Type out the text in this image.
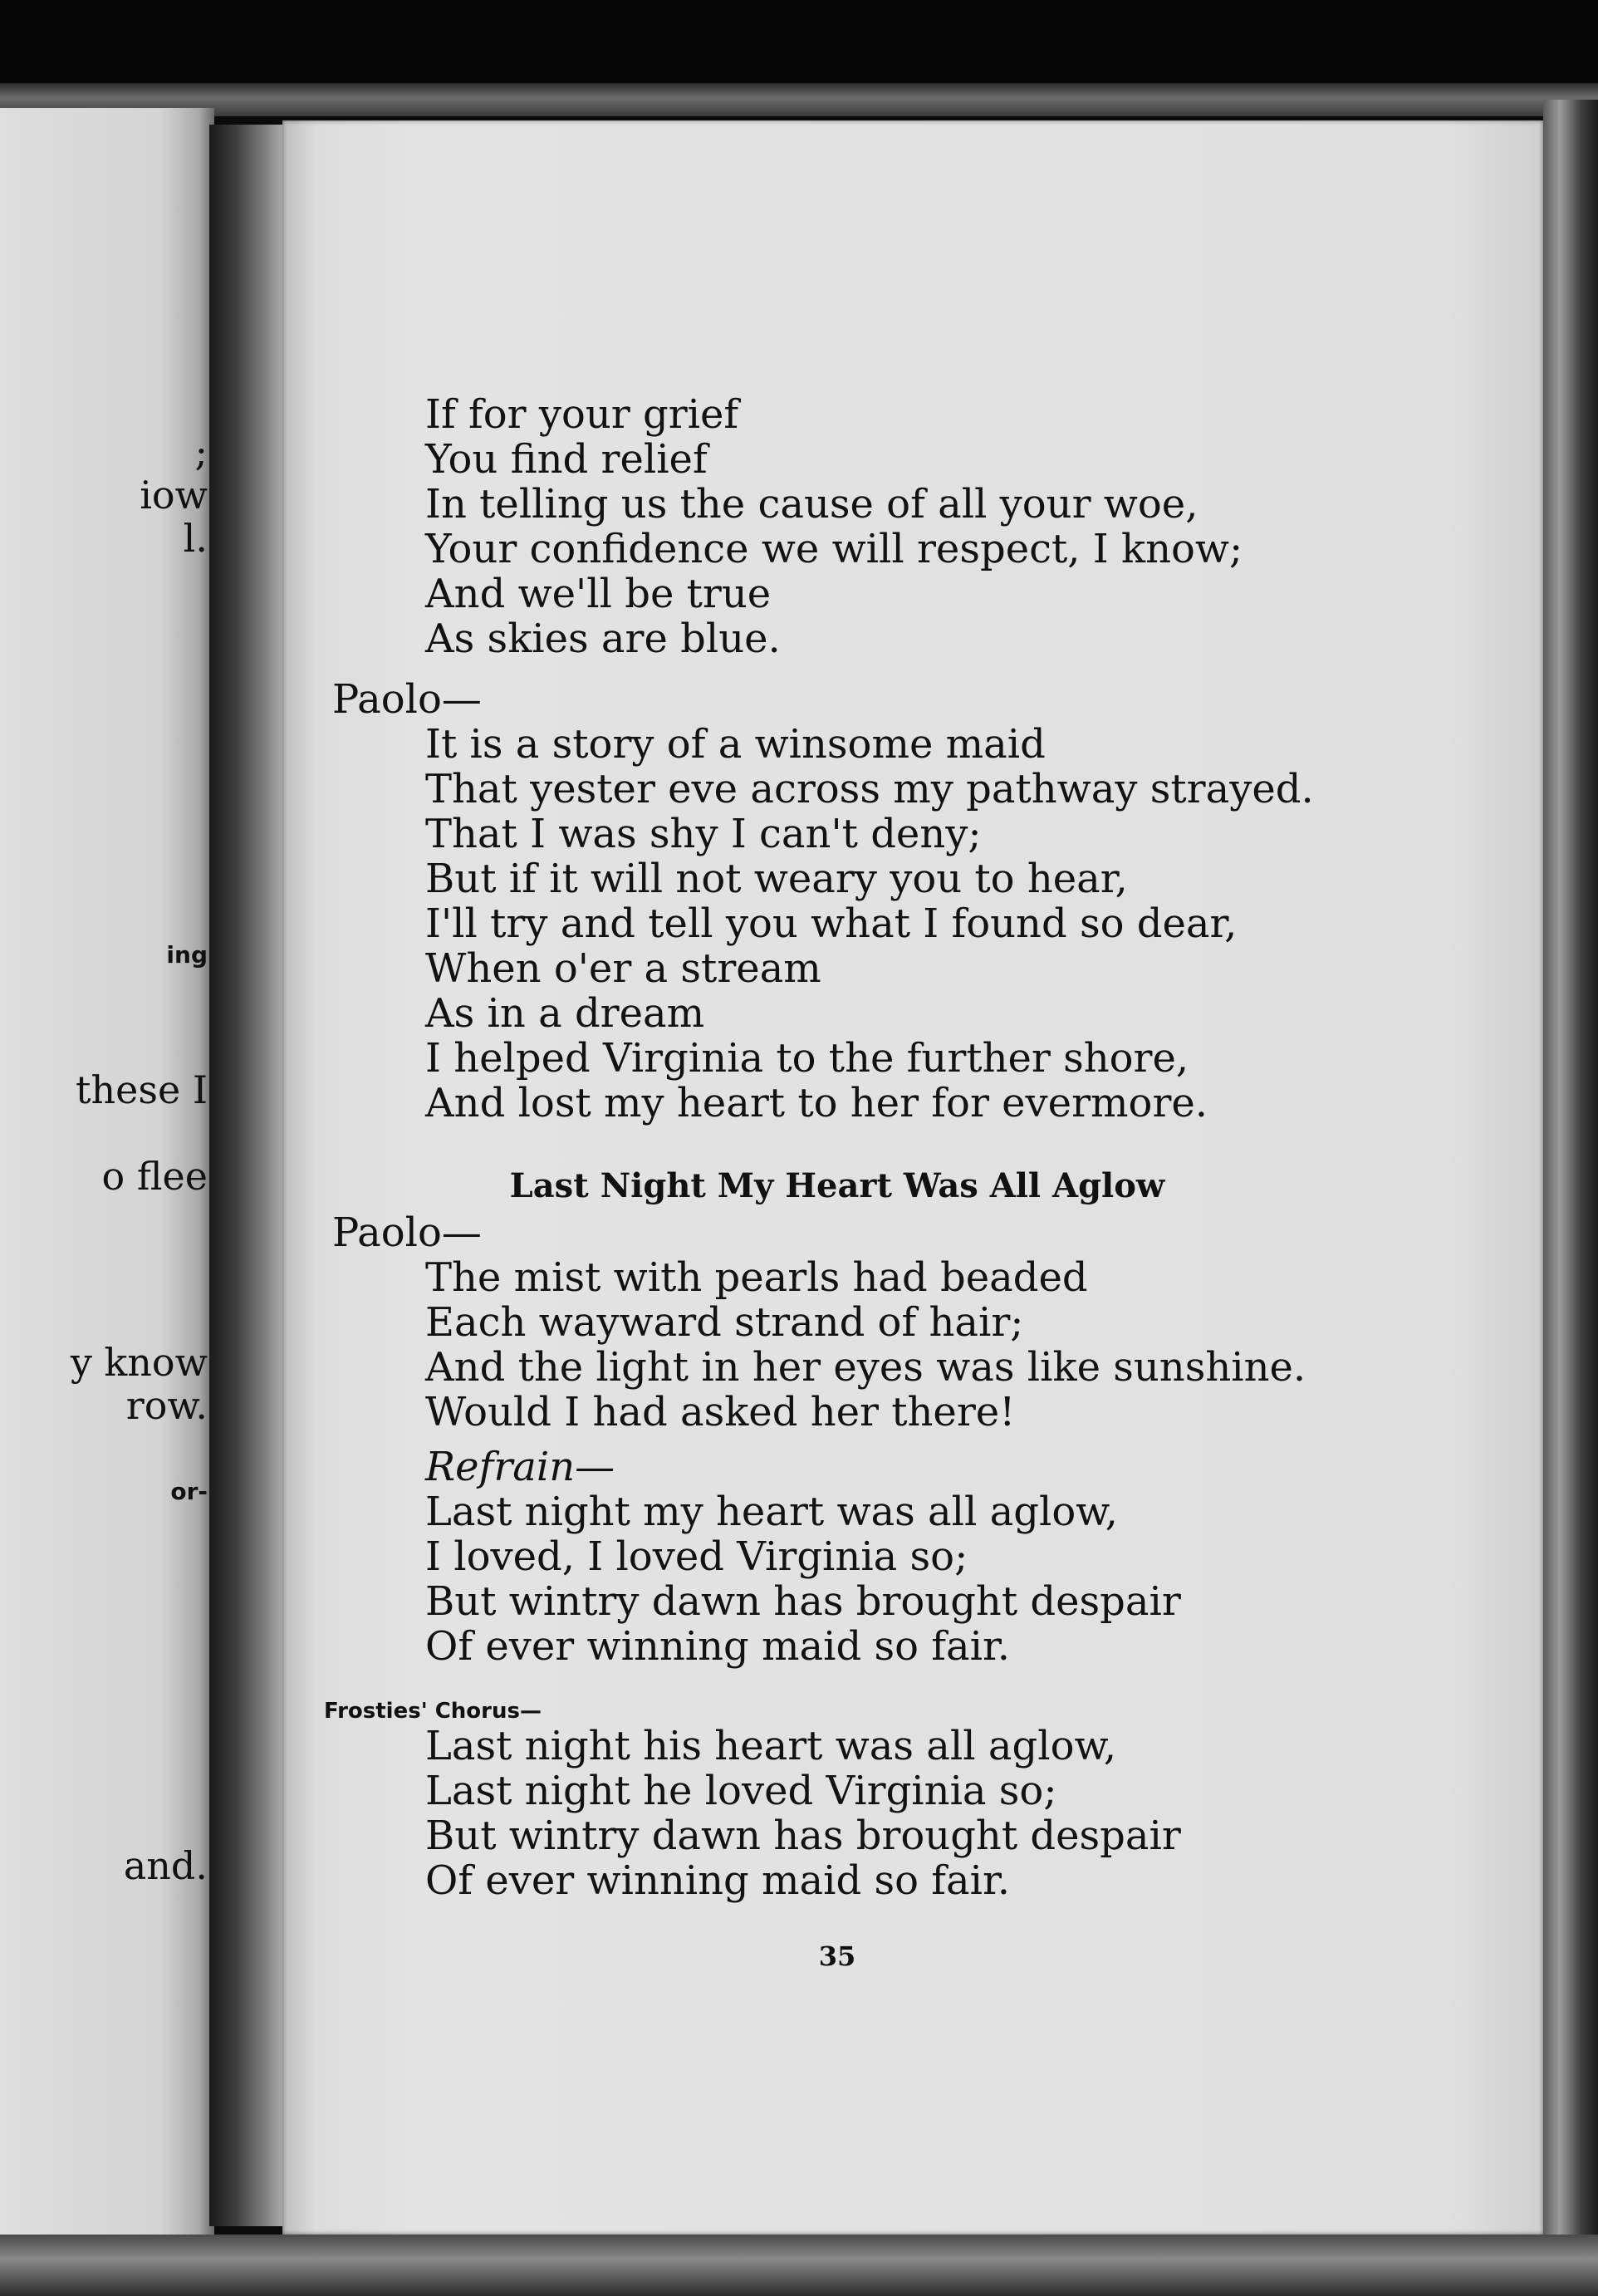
;
iow
l.
ing
these I
o flee
y know
row.
or-
and.
If for your grief
You find relief
In telling us the cause of all your woe,
Your confidence we will respect, I know;
And we'll be true
As skies are blue.
Paolo—
It is a story of a winsome maid
That yester eve across my pathway strayed.
That I was shy I can't deny;
But if it will not weary you to hear,
I'll try and tell you what I found so dear,
When o'er a stream
As in a dream
I helped Virginia to the further shore,
And lost my heart to her for evermore.
Last Night My Heart Was All Aglow
Paolo—
The mist with pearls had beaded
Each wayward strand of hair;
And the light in her eyes was like sunshine.
Would I had asked her there!
Refrain—
Last night my heart was all aglow,
I loved, I loved Virginia so;
But wintry dawn has brought despair
Of ever winning maid so fair.
Frosties' Chorus—
Last night his heart was all aglow,
Last night he loved Virginia so;
But wintry dawn has brought despair
Of ever winning maid so fair.
35
